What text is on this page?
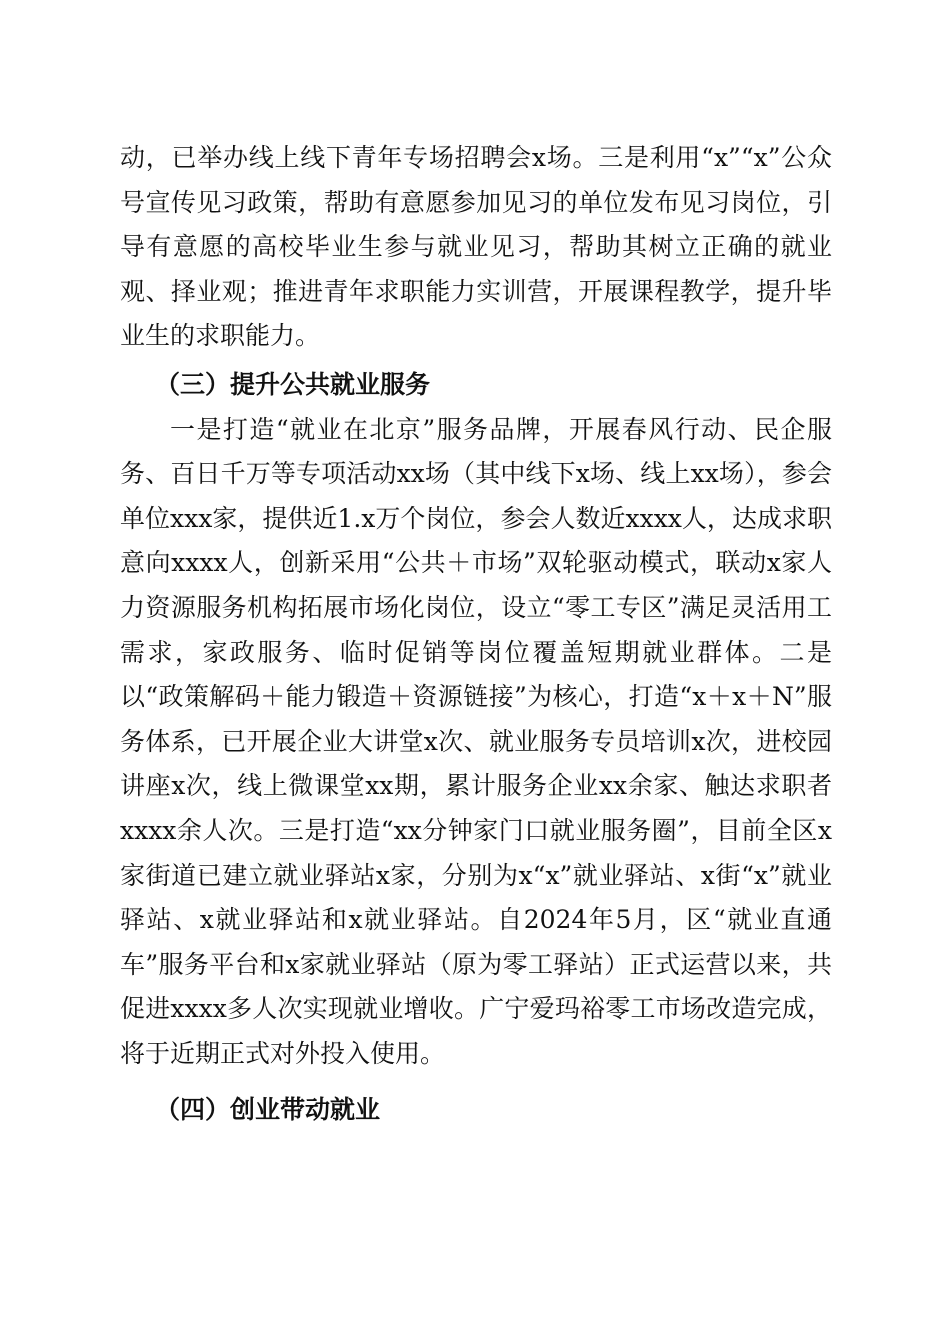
动，已举办线上线下青年专场招聘会x场。三是利用“x”“x”公众号宣传见习政策，帮助有意愿参加见习的单位发布见习岗位，引导有意愿的高校毕业生参与就业见习，帮助其树立正确的就业观、择业观；推进青年求职能力实训营，开展课程教学，提升毕业生的求职能力。

（三）提升公共就业服务

一是打造“就业在北京”服务品牌，开展春风行动、民企服务、百日千万等专项活动xx场（其中线下x场、线上xx场），参会单位xxx家，提供近1.x万个岗位，参会人数近xxxx人，达成求职意向xxxx人，创新采用“公共＋市场”双轮驱动模式，联动x家人力资源服务机构拓展市场化岗位，设立“零工专区”满足灵活用工需求，家政服务、临时促销等岗位覆盖短期就业群体。二是以“政策解码＋能力锻造＋资源链接”为核心，打造“x＋x＋N”服务体系，已开展企业大讲堂x次、就业服务专员培训x次，进校园讲座x次，线上微课堂xx期，累计服务企业xx余家、触达求职者xxxx余人次。三是打造“xx分钟家门口就业服务圈”，目前全区x家街道已建立就业驿站x家，分别为x“x”就业驿站、x街“x”就业驿站、x就业驿站和x就业驿站。自2024年5月，区“就业直通车”服务平台和x家就业驿站（原为零工驿站）正式运营以来，共促进xxxx多人次实现就业增收。广宁爱玛裕零工市场改造完成，将于近期正式对外投入使用。

（四）创业带动就业
